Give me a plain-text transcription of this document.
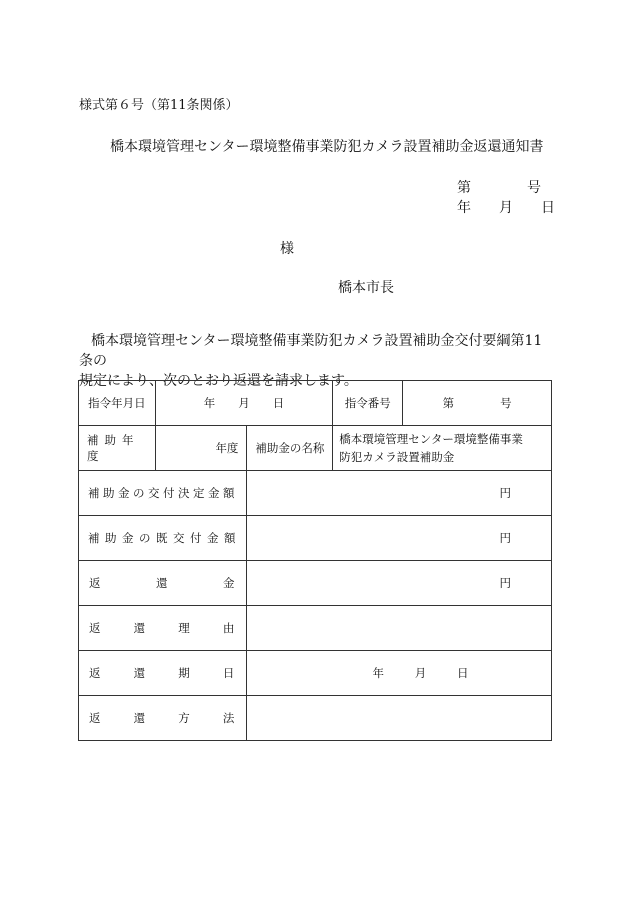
様式第６号（第11条関係）
橋本環境管理センター環境整備事業防犯カメラ設置補助金返還通知書
第　　　　号
年　　月　　日
様
橋本市長

橋本環境管理センター環境整備事業防犯カメラ設置補助金交付要綱第11条の

規定により、次のとおり返還を請求します。

指令年月日	年　　月　　日		指令番号	第　　　　号
補助年度	年度	補助金の名称	橋本環境管理センター環境整備事業
防犯カメラ設置補助金	

補助金の交付決定金額		円		
補助金の既交付金額		円		

返 還 金		円		

返 還 理 由				

返 還 期 日		年 月 日		

返 還 方 法				
